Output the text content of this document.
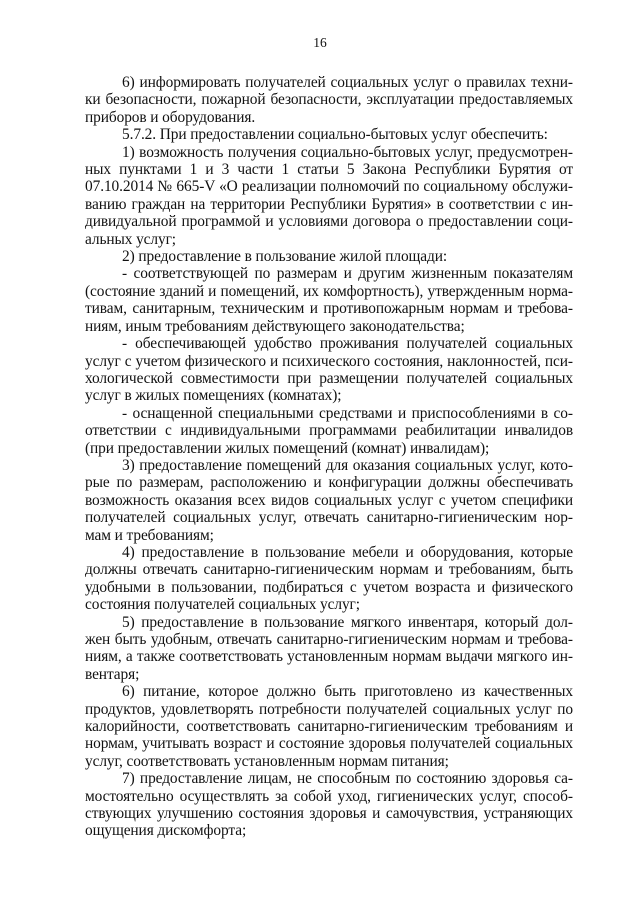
16

6) информировать получателей социальных услуг о правилах техники безопасности, пожарной безопасности, эксплуатации предоставляемых приборов и оборудования.

5.7.2. При предоставлении социально-бытовых услуг обеспечить:

1) возможность получения социально-бытовых услуг, предусмотренных пунктами 1 и 3 части 1 статьи 5 Закона Республики Бурятия от 07.10.2014 № 665-V «О реализации полномочий по социальному обслуживанию граждан на территории Республики Бурятия» в соответствии с индивидуальной программой и условиями договора о предоставлении социальных услуг;

2) предоставление в пользование жилой площади:

- соответствующей по размерам и другим жизненным показателям (состояние зданий и помещений, их комфортность), утвержденным нормативам, санитарным, техническим и противопожарным нормам и требованиям, иным требованиям действующего законодательства;

- обеспечивающей удобство проживания получателей социальных услуг с учетом физического и психического состояния, наклонностей, психологической совместимости при размещении получателей социальных услуг в жилых помещениях (комнатах);

- оснащенной специальными средствами и приспособлениями в соответствии с индивидуальными программами реабилитации инвалидов (при предоставлении жилых помещений (комнат) инвалидам);

3) предоставление помещений для оказания социальных услуг, которые по размерам, расположению и конфигурации должны обеспечивать возможность оказания всех видов социальных услуг с учетом специфики получателей социальных услуг, отвечать санитарно-гигиеническим нормам и требованиям;

4) предоставление в пользование мебели и оборудования, которые должны отвечать санитарно-гигиеническим нормам и требованиям, быть удобными в пользовании, подбираться с учетом возраста и физического состояния получателей социальных услуг;

5) предоставление в пользование мягкого инвентаря, который должен быть удобным, отвечать санитарно-гигиеническим нормам и требованиям, а также соответствовать установленным нормам выдачи мягкого инвентаря;

6) питание, которое должно быть приготовлено из качественных продуктов, удовлетворять потребности получателей социальных услуг по калорийности, соответствовать санитарно-гигиеническим требованиям и нормам, учитывать возраст и состояние здоровья получателей социальных услуг, соответствовать установленным нормам питания;

7) предоставление лицам, не способным по состоянию здоровья самостоятельно осуществлять за собой уход, гигиенических услуг, способствующих улучшению состояния здоровья и самочувствия, устраняющих ощущения дискомфорта;
